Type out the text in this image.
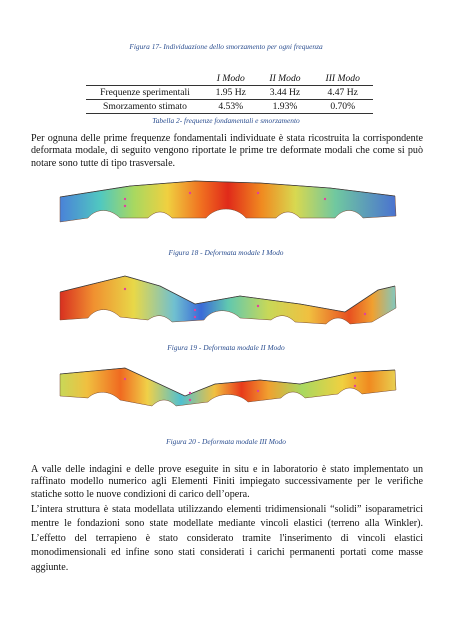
Figura 17- Individuazione dello smorzamento per ogni frequenza
	I Modo	II Modo	III Modo
Frequenze sperimentali	1.95 Hz	3.44 Hz	4.47 Hz
Smorzamento stimato	4.53%	1.93%	0.70%
Tabella 2- frequenze fondamentali e smorzamento

Per ognuna delle prime frequenze fondamentali individuate è stata ricostruita la corrispondente deformata modale, di seguito vengono riportate le prime tre deformate modali che come si può notare sono tutte di tipo trasversale.

Figura 18 - Deformata modale I Modo
Figura 19 - Deformata modale II Modo
Figura 20 - Deformata modale III Modo

A valle delle indagini e delle prove eseguite in situ e in laboratorio è stato implementato un raffinato modello numerico agli Elementi Finiti impiegato successivamente per le verifiche statiche sotto le nuove condizioni di carico dell’opera.

L’intera struttura è stata modellata utilizzando elementi tridimensionali “solidi” isoparametrici mentre le fondazioni sono state modellate mediante vincoli elastici (terreno alla Winkler). L’effetto del terrapieno è stato considerato tramite l'inserimento di vincoli elastici monodimensionali ed infine sono stati considerati i carichi permanenti portati come masse aggiunte.
